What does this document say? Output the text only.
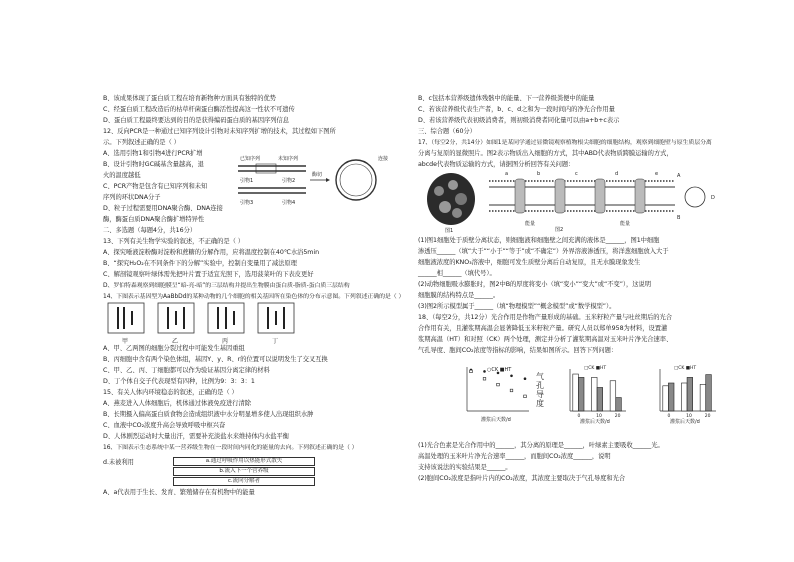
B、该成果体现了蛋白质工程在培育新物种方面具有独特的优势
C、经蛋白质工程改造后的枯草杆菌蛋白酶活性提高这一性状不可遗传
D、蛋白质工程最终要达到的目的是获得编码蛋白质的基因序列信息
12、反向PCR是一种通过已知序列设计引物对未知序列扩增的技术，其过程如下图所
示。下列叙述正确的是（ ）
A、选用引物1和引物4进行PCR扩增
B、设计引物时GC碱基含量越高，退
火的温度越低
C、PCR产物是包含有已知序列和未知
序列的环状DNA分子
D、粒子过程需要用DNA聚合酶、DNA连接
酶，酶蛋白质DNA聚合酶扩增特异性
二、多选题（每题4分，共16分）
13、下列有关生物学实验的叙述，不正确的是（ ）
A、探究唾液淀粉酶对淀粉和蔗糖的分解作用，应将温度控制在40℃水浴5min
B、“探究H₂O₂在不同条件下的分解”实验中，控制自变量用了减法原理
C、解剖镜观察叶绿体需先把叶片置于适宜光照下，选用菠菜叶的下表皮更好
D、罗伯特森观察到细胞膜呈“暗-亮-暗”的三层结构并提出生物膜由蛋白质-脂质-蛋白质三层结构
14、下图表示基因型为AaBbDd的某种动物的几个细胞的相关基因所在染色体的分布示意图。下列叙述正确的是（ ）
A、甲、乙两图的细胞分裂过程中可能发生基因重组
B、丙细胞中含有两个染色体组，基因Y、y、R、r的位置可以说明发生了交叉互换
C、甲、乙、丙、丁细胞都可以作为验证基因分离定律的材料
D、丁个体自交子代表现型有四种，比例为9：3：3：1
15、有关人体内环境稳态的叙述，正确的是（ ）
A、燕麦进入人体细胞后，机体通过体液免疫进行清除
B、长期摄入偏高蛋白质食物会造成组织液中水分明显增多使人出现组织水肿
C、血液中CO₂浓度升高会导致呼吸中枢兴奋
D、人体剧烈运动时大量出汗，需要补充淡盐水来维持体内水盐平衡
16、下图表示生态系统中某一营养级生物在一段时间内同化的能量的去向。下列叙述正确的是（ ）
A、a代表用于生长、发育、繁殖储存在有机物中的能量
已知序列	未知序列
引物1	引物2
引物3	引物4
酶切
连接
甲	乙	丙	丁
d.未被利用	a.通过呼吸作用以热能形式散失
b.流入下一个营养级
c.流向分解者
B、c包括本营养级遗体残骸中的能量、下一营养级粪便中的能量
C、若该营养级代表生产者，b、c、d之和为一段时间内的净光合作用量
D、若该营养级代表初级消费者，则初级消费者同化量可以由a+b+c表示
三、综合题（60分）
17、（每空2分，共14分）如图1是某同学通过显微镜观察植物根尖细胞的细胞结构，观察到细胞壁与原生质层分离
分离与复原的显微照片。图2表示物质出入细胞的方式，其中ABD代表物质跨膜运输的方式，
abcde代表物质运输的方式，请据图分析回答有关问题：
(1)图1细胞处于质壁分离状态，则细胞液和细胞壁之间充满的液体是______，图1中细胞
渗透压______（填“大于”“小于”“等于”或“不确定”）外界溶液渗透压，将洋葱细胞放入大于
细胞液浓度的KNO₃溶液中，细胞可发生质壁分离后自动复原，且无水膜现象发生
______相______（填代号）。
(2)动物细胞吸水膨胀时，图2中B的厚度将变小（填“变小”“变大”或“不变”），这说明
细胞膜的结构特点是______。
(3)图2所示模型属于______（填“物理模型”“概念模型”或“数学模型”）。
18、（每空2分，共12分）光合作用是作物产量形成的基础。玉米籽粒产量与吐丝期后的光合
合作用有关，且灌浆期高温会显著降低玉米籽粒产量。研究人员以郑单958为材料，设置灌
浆期高温（HT）和对照（CK）两个处理，测定并分析了灌浆期高温对玉米叶片净光合速率、
气孔导度、胞间CO₂浓度等指标的影响，结果如图所示。回答下列问题：
(1)光合色素是光合作用中的______，其分离的原理是______，叶绿素主要吸收______光。
高温处理的玉米叶片净光合速率______，而胞间CO₂浓度______，说明
支持该说法的实验结果是______。
(2)胞间CO₂浓度是指叶片内的CO₂浓度，其浓度主要取决于气孔导度和光合
图1	图2
能量	能量
A
B
D
a	b	c	d	e
○CK ■HT
灌浆后天数/d
气孔导度
0	10	20
□CK ■HT
灌浆后天数/d
0	10	20
□CK ■HT
灌浆后天数/d
